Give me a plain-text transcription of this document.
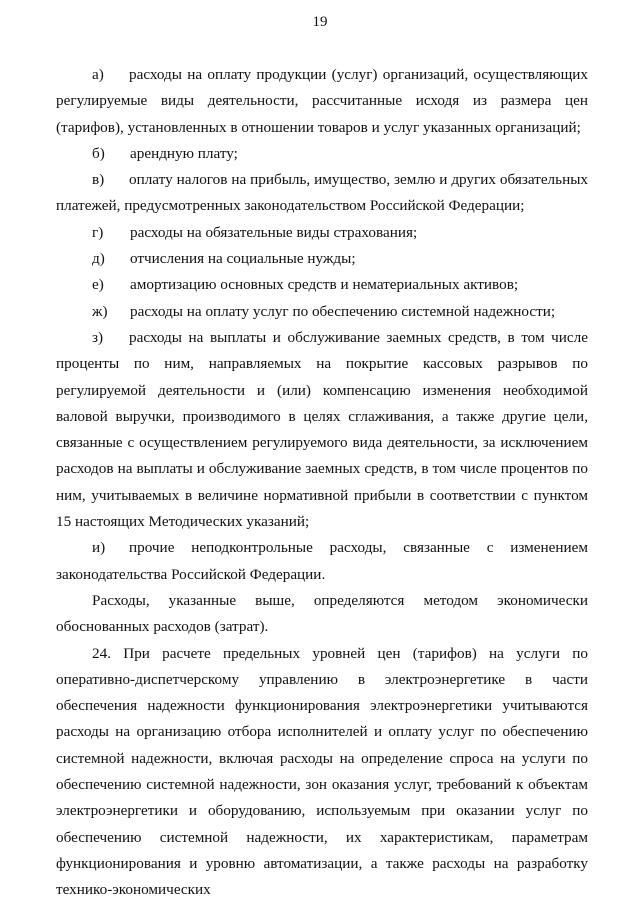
19
а) расходы на оплату продукции (услуг) организаций, осуществляющих регулируемые виды деятельности, рассчитанные исходя из размера цен (тарифов), установленных в отношении товаров и услуг указанных организаций;
б)	арендную плату;
в) оплату налогов на прибыль, имущество, землю и других обязательных платежей, предусмотренных законодательством Российской Федерации;
г)	расходы на обязательные виды страхования;
д)	отчисления на социальные нужды;
е)	амортизацию основных средств и нематериальных активов;
ж)	расходы на оплату услуг по обеспечению системной надежности;
з) расходы на выплаты и обслуживание заемных средств, в том числе проценты по ним, направляемых на покрытие кассовых разрывов по регулируемой деятельности и (или) компенсацию изменения необходимой валовой выручки, производимого в целях сглаживания, а также другие цели, связанные с осуществлением регулируемого вида деятельности, за исключением расходов на выплаты и обслуживание заемных средств, в том числе процентов по ним, учитываемых в величине нормативной прибыли в соответствии с пунктом 15 настоящих Методических указаний;
и) прочие неподконтрольные расходы, связанные с изменением законодательства Российской Федерации.

Расходы, указанные выше, определяются методом экономически обоснованных расходов (затрат).

24. При расчете предельных уровней цен (тарифов) на услуги по оперативно-диспетчерскому управлению в электроэнергетике в части обеспечения надежности функционирования электроэнергетики учитываются расходы на организацию отбора исполнителей и оплату услуг по обеспечению системной надежности, включая расходы на определение спроса на услуги по обеспечению системной надежности, зон оказания услуг, требований к объектам электроэнергетики и оборудованию, используемым при оказании услуг по обеспечению системной надежности, их характеристикам, параметрам функционирования и уровню автоматизации, а также расходы на разработку технико-экономических
